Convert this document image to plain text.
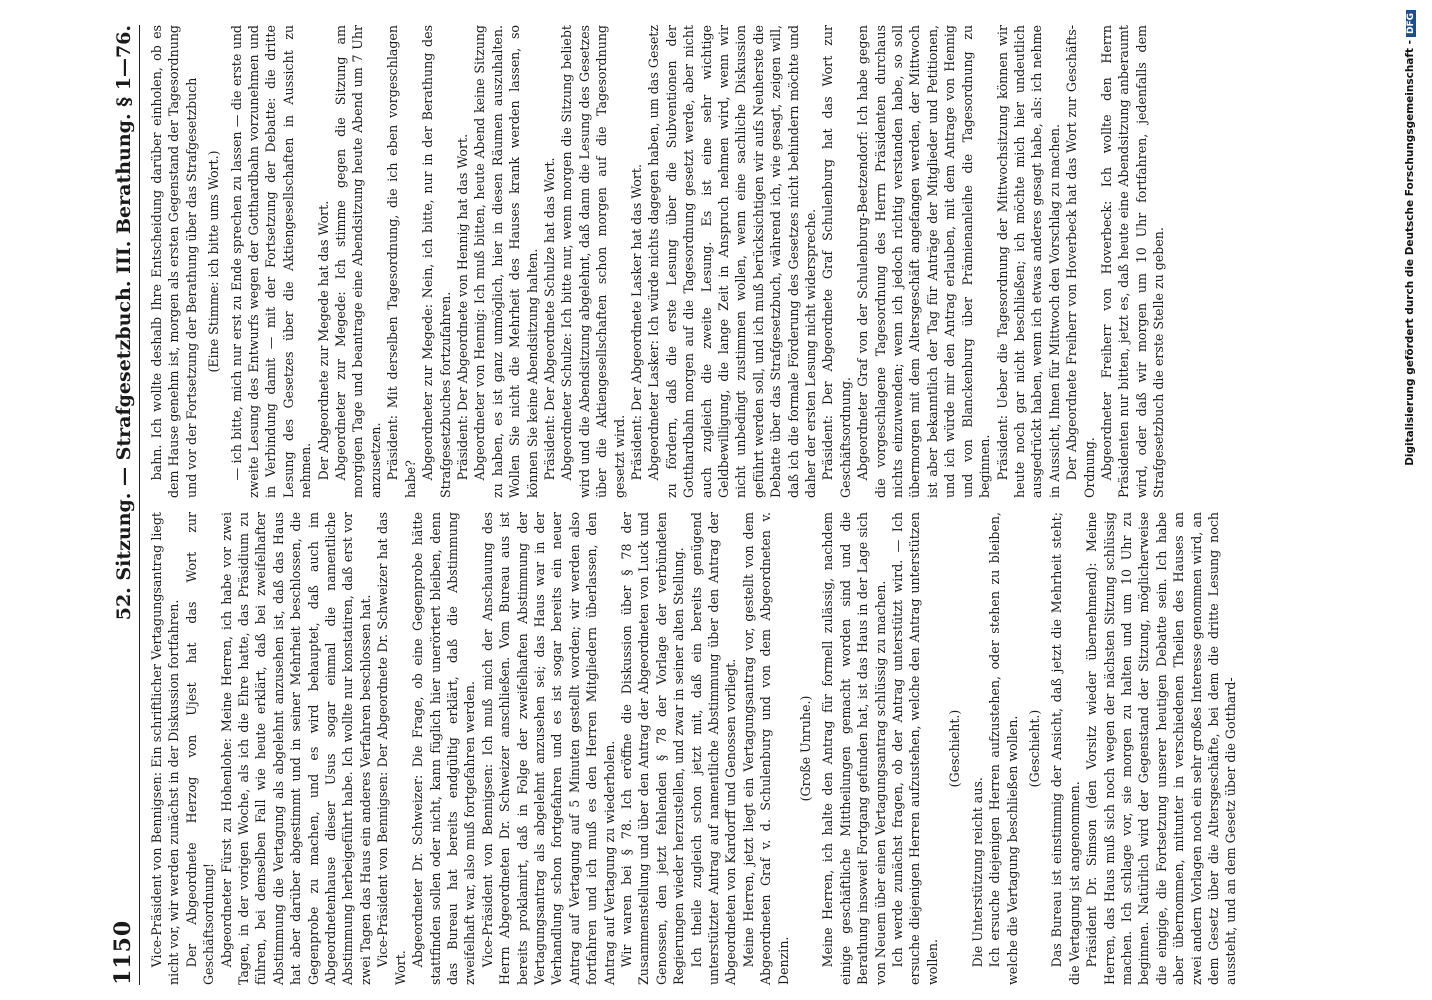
1150
52. Sitzung. — Strafgesetzbuch. III. Berathung. § 1—76.

Vice-Präsident von Bennigsen: Ein schriftlicher Vertagungsantrag liegt nicht vor, wir werden zunächst in der Diskussion fortfahren. Der Abgeordnete Herzog von Ujest hat das Wort zur Geschäftsordnung! Abgeordneter Fürst zu Hohenlohe: Meine Herren, ich habe vor zwei Tagen, in der vorigen Woche, als ich die Ehre hatte, das Präsidium zu führen, bei demselben Fall wie heute erklärt, daß bei zweifelhafter Abstimmung die Vertagung als abgelehnt anzusehen ist, daß das Haus hat aber darüber abgestimmt und in seiner Mehrheit beschlossen, die Gegenprobe zu machen, und es wird behauptet, daß auch im Abgeordnetenhause dieser Usus sogar einmal die namentliche Abstimmung herbeigeführt habe. Ich wollte nur konstatiren, daß erst vor zwei Tagen das Haus ein anderes Verfahren beschlossen hat. Vice-Präsident von Bennigsen: Der Abgeordnete Dr. Schweizer hat das Wort.

Abgeordneter Dr. Schweizer: Die Frage, ob eine Gegenprobe hätte stattfinden sollen oder nicht, kann füglich hier unerörtert bleiben, denn das Bureau hat bereits endgültig erklärt, daß die Abstimmung zweifelhaft war, also muß fortgefahren werden. Vice-Präsident von Bennigsen: Ich muß mich der Anschauung des Herrn Abgeordneten Dr. Schweizer anschließen. Vom Bureau aus ist bereits proklamirt, daß in Folge der zweifelhaften Abstimmung der Vertagungsantrag als abgelehnt anzusehen sei; das Haus war in der Verhandlung schon fortgefahren und es ist sogar bereits ein neuer Antrag auf Vertagung auf 5 Minuten gestellt worden; wir werden also fortfahren und ich muß es den Herren Mitgliedern überlassen, den Antrag auf Vertagung zu wiederholen. Wir waren bei § 78. Ich eröffne die Diskussion über § 78 der Zusammenstellung und über den Antrag der Abgeordneten von Luck und Genossen, den jetzt fehlenden § 78 der Vorlage der verbündeten Regierungen wieder herzustellen, und zwar in seiner alten Stellung. Ich theile zugleich schon jetzt mit, daß ein bereits genügend unterstützter Antrag auf namentliche Abstimmung über den Antrag der Abgeordneten von Kardorff und Genossen vorliegt. Meine Herren, jetzt liegt ein Vertagungsantrag vor, gestellt von dem Abgeordneten Graf v. d. Schulenburg und von dem Abgeordneten v. Denzin.

(Große Unruhe.) Meine Herren, ich halte den Antrag für formell zulässig, nachdem einige geschäftliche Mittheilungen gemacht worden sind und die Berathung insoweit Fortgang gefunden hat, ist das Haus in der Lage sich von Neuem über einen Vertagungsantrag schlüssig zu machen. Ich werde zunächst fragen, ob der Antrag unterstützt wird. — Ich ersuche diejenigen Herren aufzustehen, welche den Antrag unterstützen wollen.

(Geschieht.)

Die Unterstützung reicht aus. Ich ersuche diejenigen Herren aufzustehen, oder stehen zu bleiben, welche die Vertagung beschließen wollen. (Geschieht.) Das Bureau ist einstimmig der Ansicht, daß jetzt die Mehrheit steht; die Vertagung ist angenommen. Präsident Dr. Simson (den Vorsitz wieder übernehmend): Meine Herren, das Haus muß sich noch wegen der nächsten Sitzung schlüssig machen. Ich schlage vor, sie morgen zu halten und um 10 Uhr zu beginnen. Natürlich wird der Gegenstand der Sitzung, möglicherweise die eingige, die Fortsetzung unserer heutigen Debatte sein. Ich habe aber übernommen, mitunter in verschiedenen Theilen des Hauses an zwei andern Vorlagen noch ein sehr großes Interesse genommen wird, an dem Gesetz über die Altersgeschäfte, bei dem die dritte Lesung noch aussteht, und an dem Gesetz über die Gotthard-

bahn. Ich wollte deshalb Ihre Entscheidung darüber einholen, ob es dem Hause genehm ist, morgen als ersten Gegenstand der Tagesordnung und vor der Fortsetzung der Berathung über das Strafgesetzbuch (Eine Stimme: ich bitte ums Wort.) — ich bitte, mich nur erst zu Ende sprechen zu lassen — die erste und zweite Lesung des Entwurfs wegen der Gotthardbahn vorzunehmen und in Verbindung damit — mit der Fortsetzung der Debatte: die dritte Lesung des Gesetzes über die Aktiengesellschaften in Aussicht zu nehmen. Der Abgeordnete zur Megede hat das Wort. Abgeordneter zur Megede: Ich stimme gegen die Sitzung am morgigen Tage und beantrage eine Abendsitzung heute Abend um 7 Uhr anzusetzen. Präsident: Mit derselben Tagesordnung, die ich eben vorgeschlagen habe? Abgeordneter zur Megede: Nein, ich bitte, nur in der Berathung des Strafgesetzbuches fortzufahren. Präsident: Der Abgeordnete von Hennig hat das Wort. Abgeordneter von Hennig: Ich muß bitten, heute Abend keine Sitzung zu haben, es ist ganz unmöglich, hier in diesen Räumen auszuhalten. Wollen Sie nicht die Mehrheit des Hauses krank werden lassen, so können Sie keine Abendsitzung halten. Präsident: Der Abgeordnete Schulze hat das Wort. Abgeordneter Schulze: Ich bitte nur, wenn morgen die Sitzung beliebt wird und die Abendsitzung abgelehnt, daß dann die Lesung des Gesetzes über die Aktiengesellschaften schon morgen auf die Tagesordnung gesetzt wird. Präsident: Der Abgeordnete Lasker hat das Wort. Abgeordneter Lasker: Ich würde nichts dagegen haben, um das Gesetz zu fördern, daß die erste Lesung über die Subventionen der Gotthardbahn morgen auf die Tagesordnung gesetzt werde, aber nicht auch zugleich die zweite Lesung. Es ist eine sehr wichtige Geldbewilligung, die lange Zeit in Anspruch nehmen wird, wenn wir nicht unbedingt zustimmen wollen, wenn eine sachliche Diskussion geführt werden soll, und ich muß berücksichtigen wir aufs Neuherste die Debatte über das Strafgesetzbuch, während ich, wie gesagt, zeigen will, daß ich die formale Förderung des Gesetzes nicht behindern möchte und daher der ersten Lesung nicht widerspreche. Präsident: Der Abgeordnete Graf Schulenburg hat das Wort zur Geschäftsordnung. Abgeordneter Graf von der Schulenburg-Beetzendorf: Ich habe gegen die vorgeschlagene Tagesordnung des Herrn Präsidenten durchaus nichts einzuwenden; wenn ich jedoch richtig verstanden habe, so soll übermorgen mit dem Altersgeschäft angefangen werden, der Mittwoch ist aber bekanntlich der Tag für Anträge der Mitglieder und Petitionen, und ich würde mir den Antrag erlauben, mit dem Antrage von Hennig und von Blanckenburg über Prämienanleihe die Tagesordnung zu beginnen. Präsident: Ueber die Tagesordnung der Mittwochsitzung können wir heute noch gar nicht beschließen; ich möchte mich hier undeutlich ausgedrückt haben, wenn ich etwas anderes gesagt habe, als: ich nehme in Aussicht, Ihnen für Mittwoch den Vorschlag zu machen. Der Abgeordnete Freiherr von Hoverbeck hat das Wort zur Geschäfts-Ordnung. Abgeordneter Freiherr von Hoverbeck: Ich wollte den Herrn Präsidenten nur bitten, jetzt es, daß heute eine Abendsitzung anberaumt wird, oder daß wir morgen um 10 Uhr fortfahren, jedenfalls dem Strafgesetzbuch die erste Stelle zu geben.	Digitalisierung gefördert durch die Deutsche Forschungsgemeinschaft -DFG
